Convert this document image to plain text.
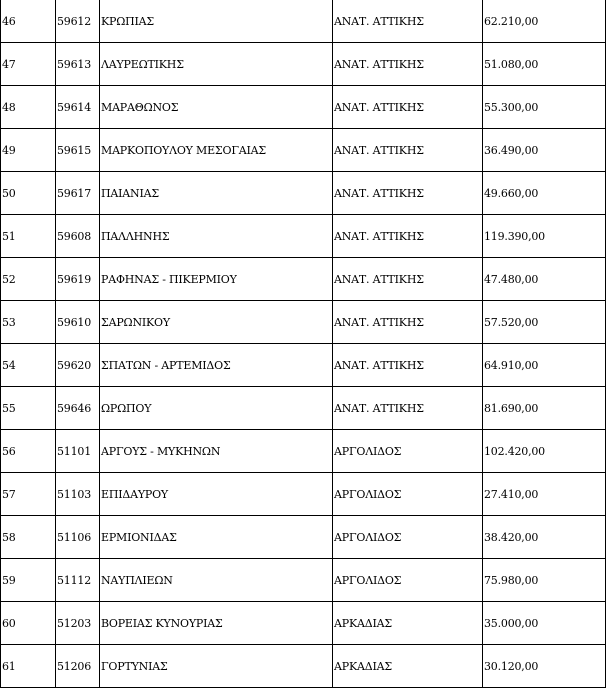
46	59612	ΚΡΩΠΙΑΣ	ΑΝΑΤ. ΑΤΤΙΚΗΣ	62.210,00
47	59613	ΛΑΥΡΕΩΤΙΚΗΣ	ΑΝΑΤ. ΑΤΤΙΚΗΣ	51.080,00
48	59614	ΜΑΡΑΘΩΝΟΣ	ΑΝΑΤ. ΑΤΤΙΚΗΣ	55.300,00
49	59615	ΜΑΡΚΟΠΟΥΛΟΥ ΜΕΣΟΓΑΙΑΣ	ΑΝΑΤ. ΑΤΤΙΚΗΣ	36.490,00
50	59617	ΠΑΙΑΝΙΑΣ	ΑΝΑΤ. ΑΤΤΙΚΗΣ	49.660,00
51	59608	ΠΑΛΛΗΝΗΣ	ΑΝΑΤ. ΑΤΤΙΚΗΣ	119.390,00
52	59619	ΡΑΦΗΝΑΣ - ΠΙΚΕΡΜΙΟΥ	ΑΝΑΤ. ΑΤΤΙΚΗΣ	47.480,00
53	59610	ΣΑΡΩΝΙΚΟΥ	ΑΝΑΤ. ΑΤΤΙΚΗΣ	57.520,00
54	59620	ΣΠΑΤΩΝ - ΑΡΤΕΜΙΔΟΣ	ΑΝΑΤ. ΑΤΤΙΚΗΣ	64.910,00
55	59646	ΩΡΩΠΟΥ	ΑΝΑΤ. ΑΤΤΙΚΗΣ	81.690,00
56	51101	ΑΡΓΟΥΣ - ΜΥΚΗΝΩΝ	ΑΡΓΟΛΙΔΟΣ	102.420,00
57	51103	ΕΠΙΔΑΥΡΟΥ	ΑΡΓΟΛΙΔΟΣ	27.410,00
58	51106	ΕΡΜΙΟΝΙΔΑΣ	ΑΡΓΟΛΙΔΟΣ	38.420,00
59	51112	ΝΑΥΠΛΙΕΩΝ	ΑΡΓΟΛΙΔΟΣ	75.980,00
60	51203	ΒΟΡΕΙΑΣ ΚΥΝΟΥΡΙΑΣ	ΑΡΚΑΔΙΑΣ	35.000,00
61	51206	ΓΟΡΤΥΝΙΑΣ	ΑΡΚΑΔΙΑΣ	30.120,00
